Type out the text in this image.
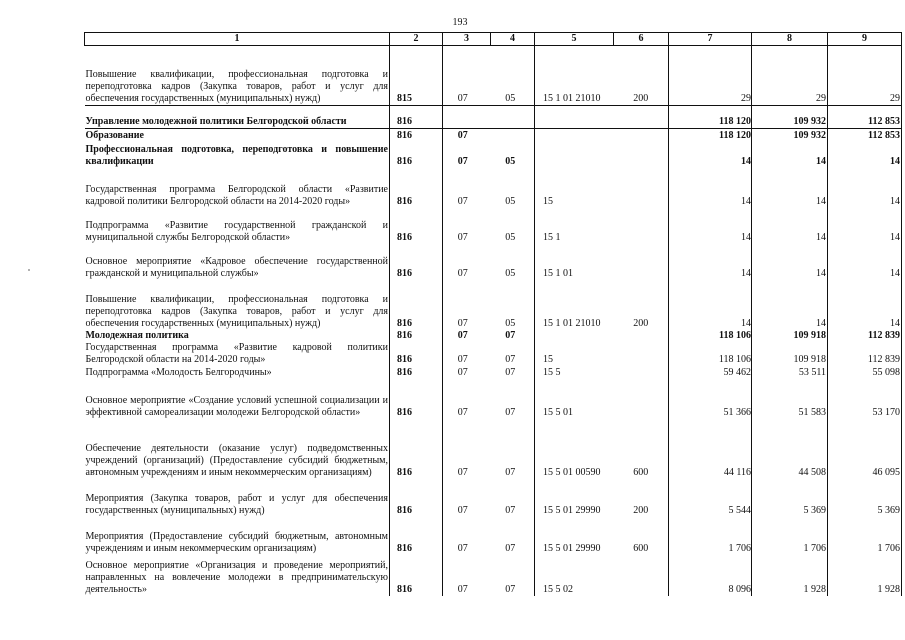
193
1	2	3	4	5	6	7	8	9
Повышение квалификации, профессиональная подготовка и переподготовка кадров (Закупка товаров, работ и услуг для обеспечения государственных (муниципальных) нужд)	815	07	05	15 1 01 21010	200	29	29	29
Управление молодежной политики Белгородской области	816					118 120	109 932	112 853
Образование	816	07				118 120	109 932	112 853
Профессиональная подготовка, переподготовка и повышение квалификации	816	07	05			14	14	14
Государственная программа Белгородской области «Развитие кадровой политики Белгородской области на 2014-2020 годы»	816	07	05	15		14	14	14
Подпрограмма «Развитие государственной гражданской и муниципальной службы Белгородской области»	816	07	05	15 1		14	14	14
Основное мероприятие «Кадровое обеспечение государственной гражданской и муниципальной службы»	816	07	05	15 1 01		14	14	14
Повышение квалификации, профессиональная подготовка и переподготовка кадров (Закупка товаров, работ и услуг для обеспечения государственных (муниципальных) нужд)	816	07	05	15 1 01 21010	200	14	14	14
Молодежная политика	816	07	07			118 106	109 918	112 839
Государственная программа «Развитие кадровой политики Белгородской области на 2014-2020 годы»	816	07	07	15		118 106	109 918	112 839
Подпрограмма «Молодость Белгородчины»	816	07	07	15 5		59 462	53 511	55 098
Основное мероприятие «Создание условий успешной социализации и эффективной самореализации молодежи Белгородской области»	816	07	07	15 5 01		51 366	51 583	53 170
Обеспечение деятельности (оказание услуг) подведомственных учреждений (организаций) (Предоставление субсидий бюджетным, автономным учреждениям и иным некоммерческим организациям)	816	07	07	15 5 01 00590	600	44 116	44 508	46 095
Мероприятия (Закупка товаров, работ и услуг для обеспечения государственных (муниципальных) нужд)	816	07	07	15 5 01 29990	200	5 544	5 369	5 369
Мероприятия (Предоставление субсидий бюджетным, автономным учреждениям и иным некоммерческим организациям)	816	07	07	15 5 01 29990	600	1 706	1 706	1 706
Основное мероприятие «Организация и проведение мероприятий, направленных на вовлечение молодежи в предпринимательскую деятельность»	816	07	07	15 5 02		8 096	1 928	1 928
